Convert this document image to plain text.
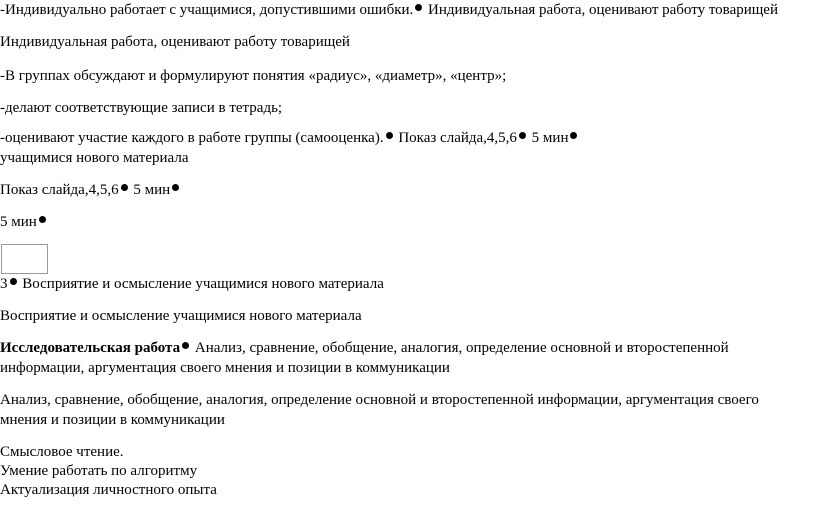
-Индивидуально работает с учащимися, допустившими ошибки. Индивидуальная работа, оценивают работу товарищей
Индивидуальная работа, оценивают работу товарищей
-В группах обсуждают и формулируют понятия «радиус», «диаметр», «центр»;
-делают соответствующие записи в тетрадь;
-оценивают участие каждого в работе группы (самооценка). Показ слайда,4,5,6 5 мин
учащимися нового материала
Показ слайда,4,5,6 5 мин
5 мин
3 Восприятие и осмысление учащимися нового материала
Восприятие и осмысление учащимися нового материала
Исследовательская работа Анализ, сравнение, обобщение, аналогия, определение основной и второстепенной
информации, аргументация своего мнения и позиции в коммуникации
Анализ, сравнение, обобщение, аналогия, определение основной и второстепенной информации, аргументация своего
мнения и позиции в коммуникации
Смысловое чтение.
Умение работать по алгоритму
Актуализация личностного опыта
